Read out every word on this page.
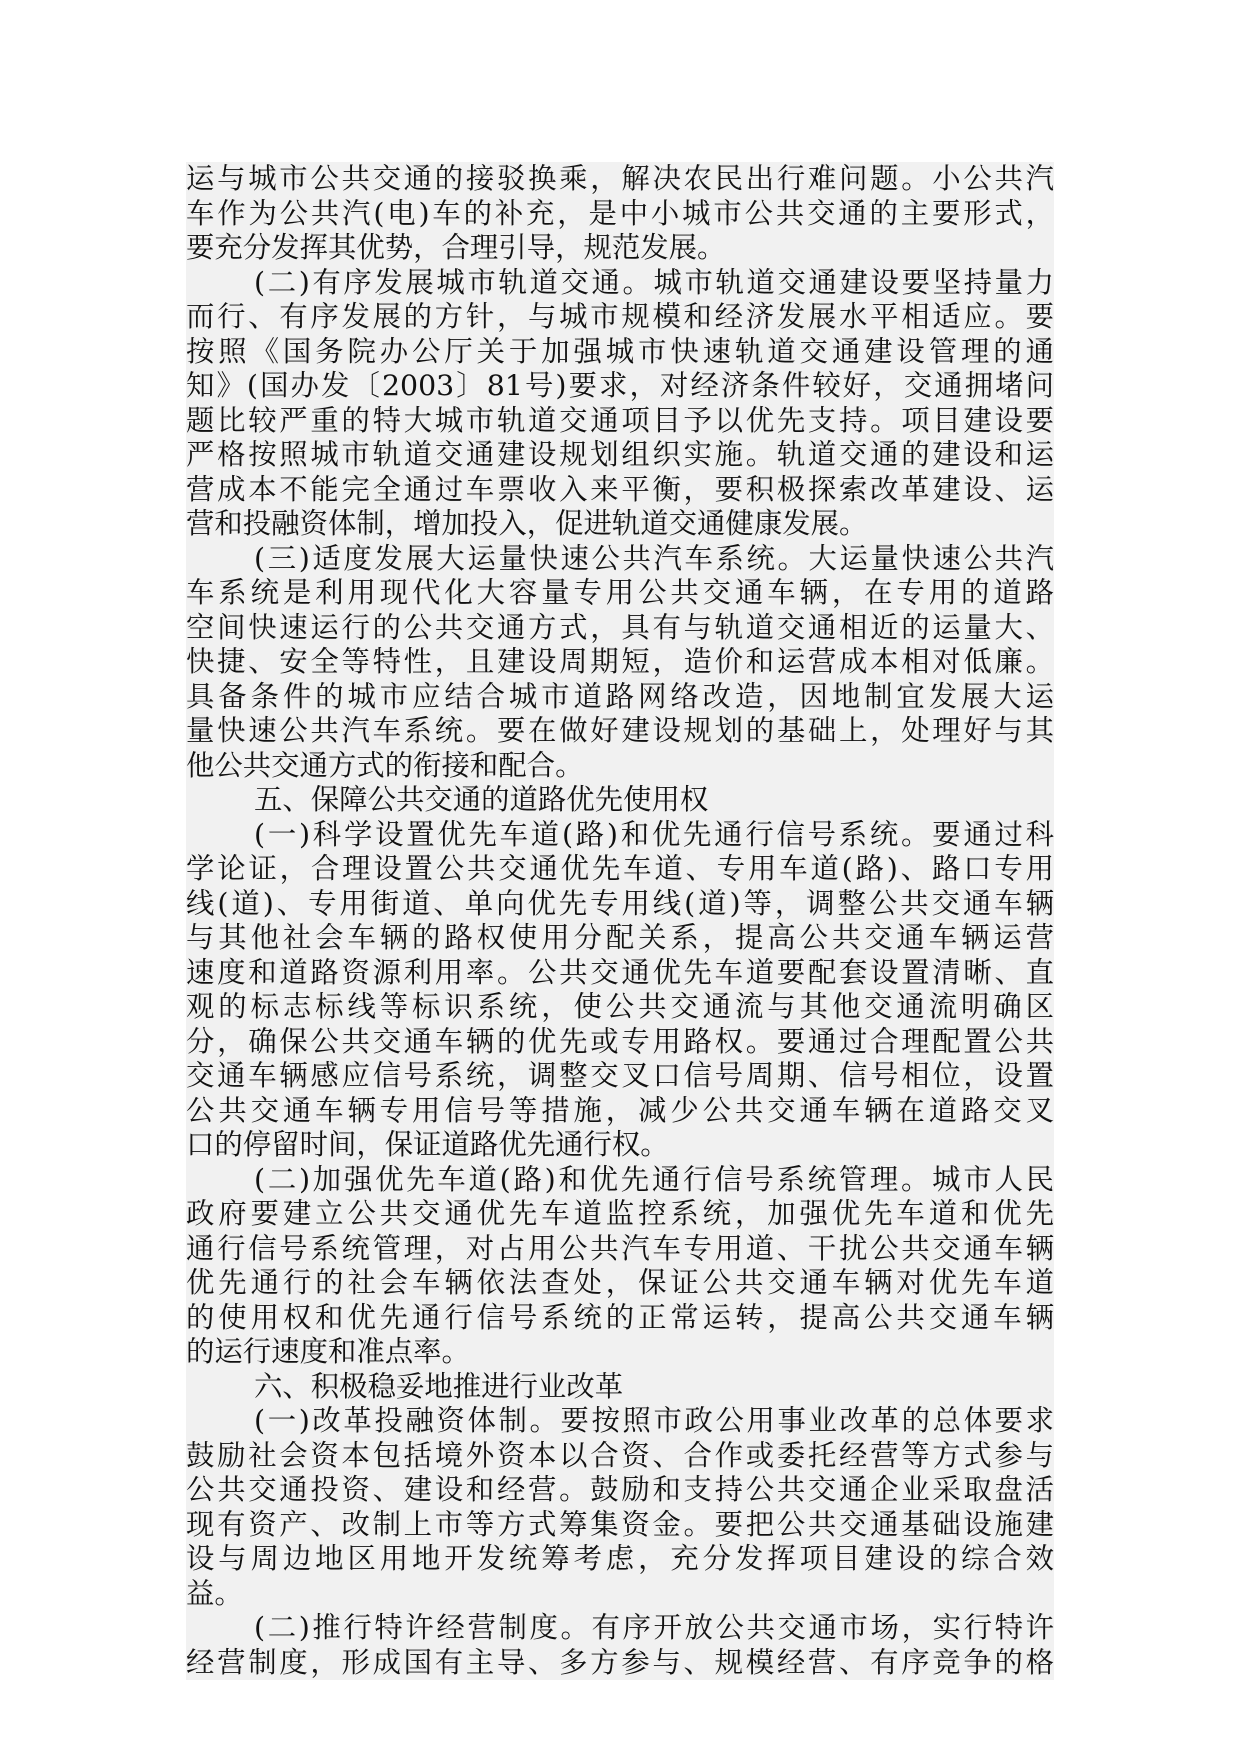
运与城市公共交通的接驳换乘，解决农民出行难问题。小公共汽
车作为公共汽(电)车的补充，是中小城市公共交通的主要形式，
要充分发挥其优势，合理引导，规范发展。
(二)有序发展城市轨道交通。城市轨道交通建设要坚持量力
而行、有序发展的方针，与城市规模和经济发展水平相适应。要
按照《国务院办公厅关于加强城市快速轨道交通建设管理的通
知》(国办发〔2003〕81号)要求，对经济条件较好，交通拥堵问
题比较严重的特大城市轨道交通项目予以优先支持。项目建设要
严格按照城市轨道交通建设规划组织实施。轨道交通的建设和运
营成本不能完全通过车票收入来平衡，要积极探索改革建设、运
营和投融资体制，增加投入，促进轨道交通健康发展。
(三)适度发展大运量快速公共汽车系统。大运量快速公共汽
车系统是利用现代化大容量专用公共交通车辆，在专用的道路
空间快速运行的公共交通方式，具有与轨道交通相近的运量大、
快捷、安全等特性，且建设周期短，造价和运营成本相对低廉。
具备条件的城市应结合城市道路网络改造，因地制宜发展大运
量快速公共汽车系统。要在做好建设规划的基础上，处理好与其
他公共交通方式的衔接和配合。
五、保障公共交通的道路优先使用权
(一)科学设置优先车道(路)和优先通行信号系统。要通过科
学论证，合理设置公共交通优先车道、专用车道(路)、路口专用
线(道)、专用街道、单向优先专用线(道)等，调整公共交通车辆
与其他社会车辆的路权使用分配关系，提高公共交通车辆运营
速度和道路资源利用率。公共交通优先车道要配套设置清晰、直
观的标志标线等标识系统，使公共交通流与其他交通流明确区
分，确保公共交通车辆的优先或专用路权。要通过合理配置公共
交通车辆感应信号系统，调整交叉口信号周期、信号相位，设置
公共交通车辆专用信号等措施，减少公共交通车辆在道路交叉
口的停留时间，保证道路优先通行权。
(二)加强优先车道(路)和优先通行信号系统管理。城市人民
政府要建立公共交通优先车道监控系统，加强优先车道和优先
通行信号系统管理，对占用公共汽车专用道、干扰公共交通车辆
优先通行的社会车辆依法查处，保证公共交通车辆对优先车道
的使用权和优先通行信号系统的正常运转，提高公共交通车辆
的运行速度和准点率。
六、积极稳妥地推进行业改革
(一)改革投融资体制。要按照市政公用事业改革的总体要求
鼓励社会资本包括境外资本以合资、合作或委托经营等方式参与
公共交通投资、建设和经营。鼓励和支持公共交通企业采取盘活
现有资产、改制上市等方式筹集资金。要把公共交通基础设施建
设与周边地区用地开发统筹考虑，充分发挥项目建设的综合效
益。
(二)推行特许经营制度。有序开放公共交通市场，实行特许
经营制度，形成国有主导、多方参与、规模经营、有序竞争的格
